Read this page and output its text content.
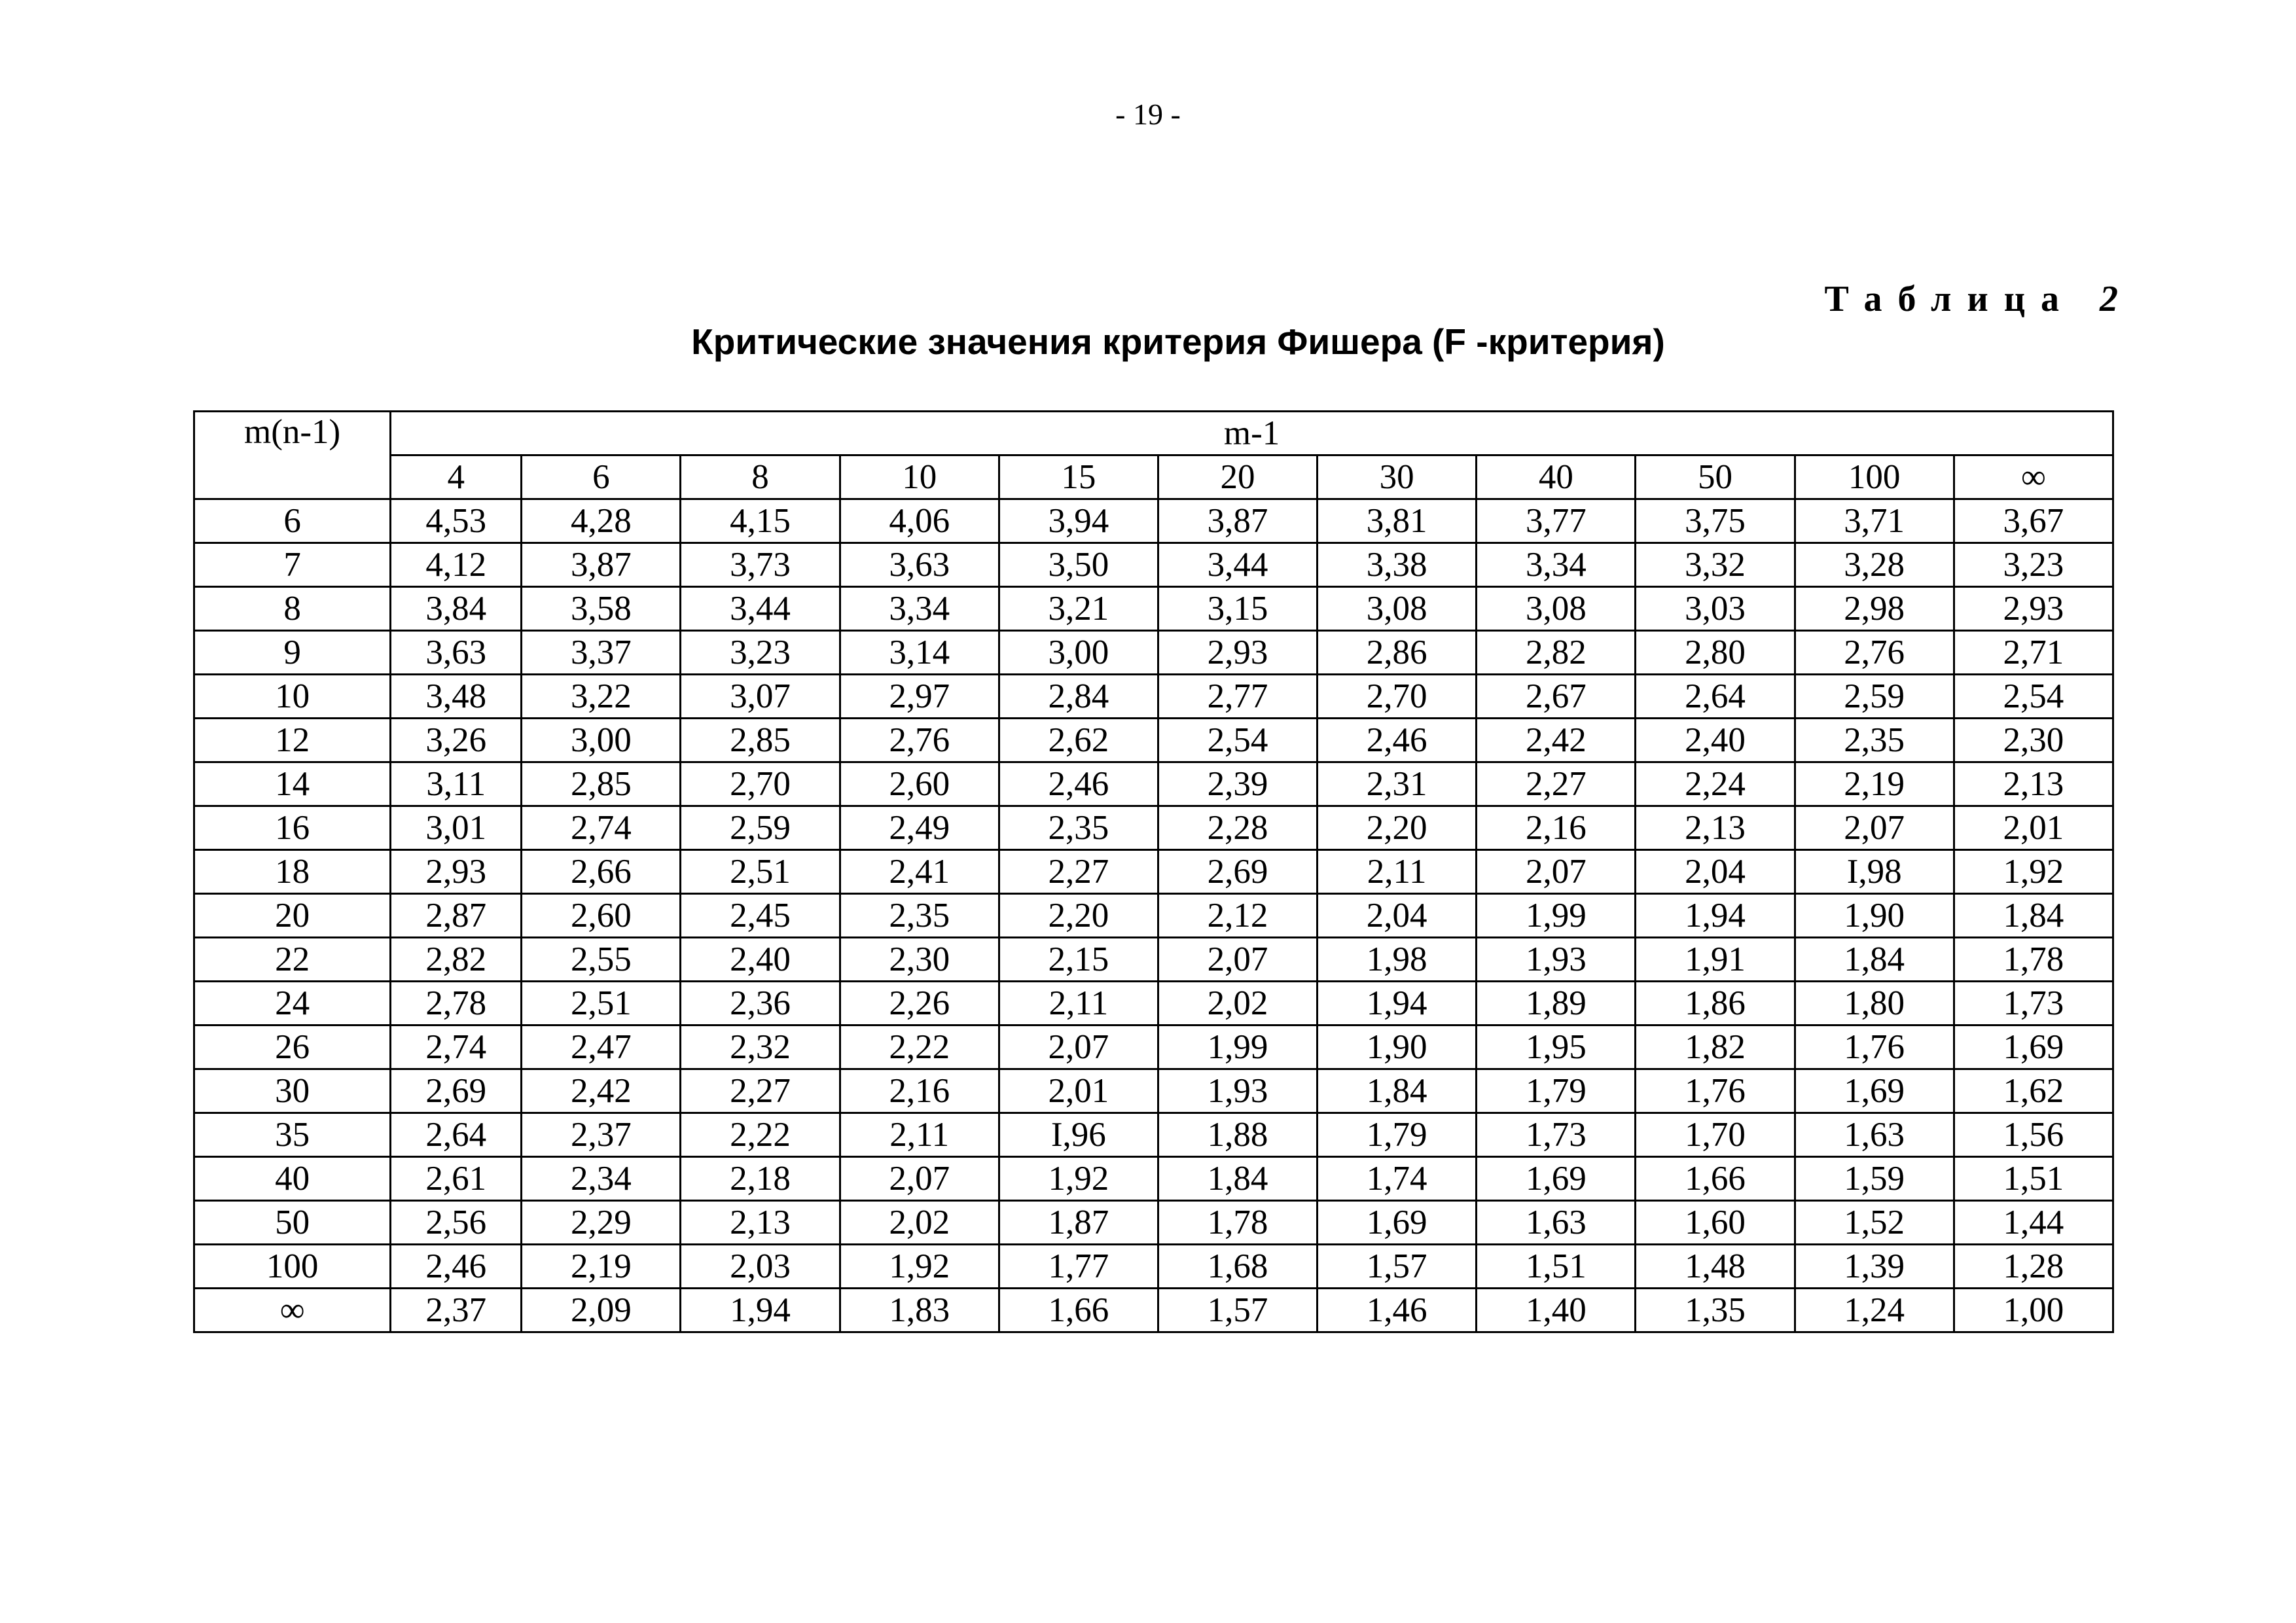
- 19 -
Таблица 2
Критические значения критерия Фишера (F -критерия)
m(n-1)	m-1										
	4	6	8	10	15	20	30	40	50	100	∞
6	4,53	4,28	4,15	4,06	3,94	3,87	3,81	3,77	3,75	3,71	3,67
7	4,12	3,87	3,73	3,63	3,50	3,44	3,38	3,34	3,32	3,28	3,23
8	3,84	3,58	3,44	3,34	3,21	3,15	3,08	3,08	3,03	2,98	2,93
9	3,63	3,37	3,23	3,14	3,00	2,93	2,86	2,82	2,80	2,76	2,71
10	3,48	3,22	3,07	2,97	2,84	2,77	2,70	2,67	2,64	2,59	2,54
12	3,26	3,00	2,85	2,76	2,62	2,54	2,46	2,42	2,40	2,35	2,30
14	3,11	2,85	2,70	2,60	2,46	2,39	2,31	2,27	2,24	2,19	2,13
16	3,01	2,74	2,59	2,49	2,35	2,28	2,20	2,16	2,13	2,07	2,01
18	2,93	2,66	2,51	2,41	2,27	2,69	2,11	2,07	2,04	I,98	1,92
20	2,87	2,60	2,45	2,35	2,20	2,12	2,04	1,99	1,94	1,90	1,84
22	2,82	2,55	2,40	2,30	2,15	2,07	1,98	1,93	1,91	1,84	1,78
24	2,78	2,51	2,36	2,26	2,11	2,02	1,94	1,89	1,86	1,80	1,73
26	2,74	2,47	2,32	2,22	2,07	1,99	1,90	1,95	1,82	1,76	1,69
30	2,69	2,42	2,27	2,16	2,01	1,93	1,84	1,79	1,76	1,69	1,62
35	2,64	2,37	2,22	2,11	I,96	1,88	1,79	1,73	1,70	1,63	1,56
40	2,61	2,34	2,18	2,07	1,92	1,84	1,74	1,69	1,66	1,59	1,51
50	2,56	2,29	2,13	2,02	1,87	1,78	1,69	1,63	1,60	1,52	1,44
100	2,46	2,19	2,03	1,92	1,77	1,68	1,57	1,51	1,48	1,39	1,28
∞	2,37	2,09	1,94	1,83	1,66	1,57	1,46	1,40	1,35	1,24	1,00
